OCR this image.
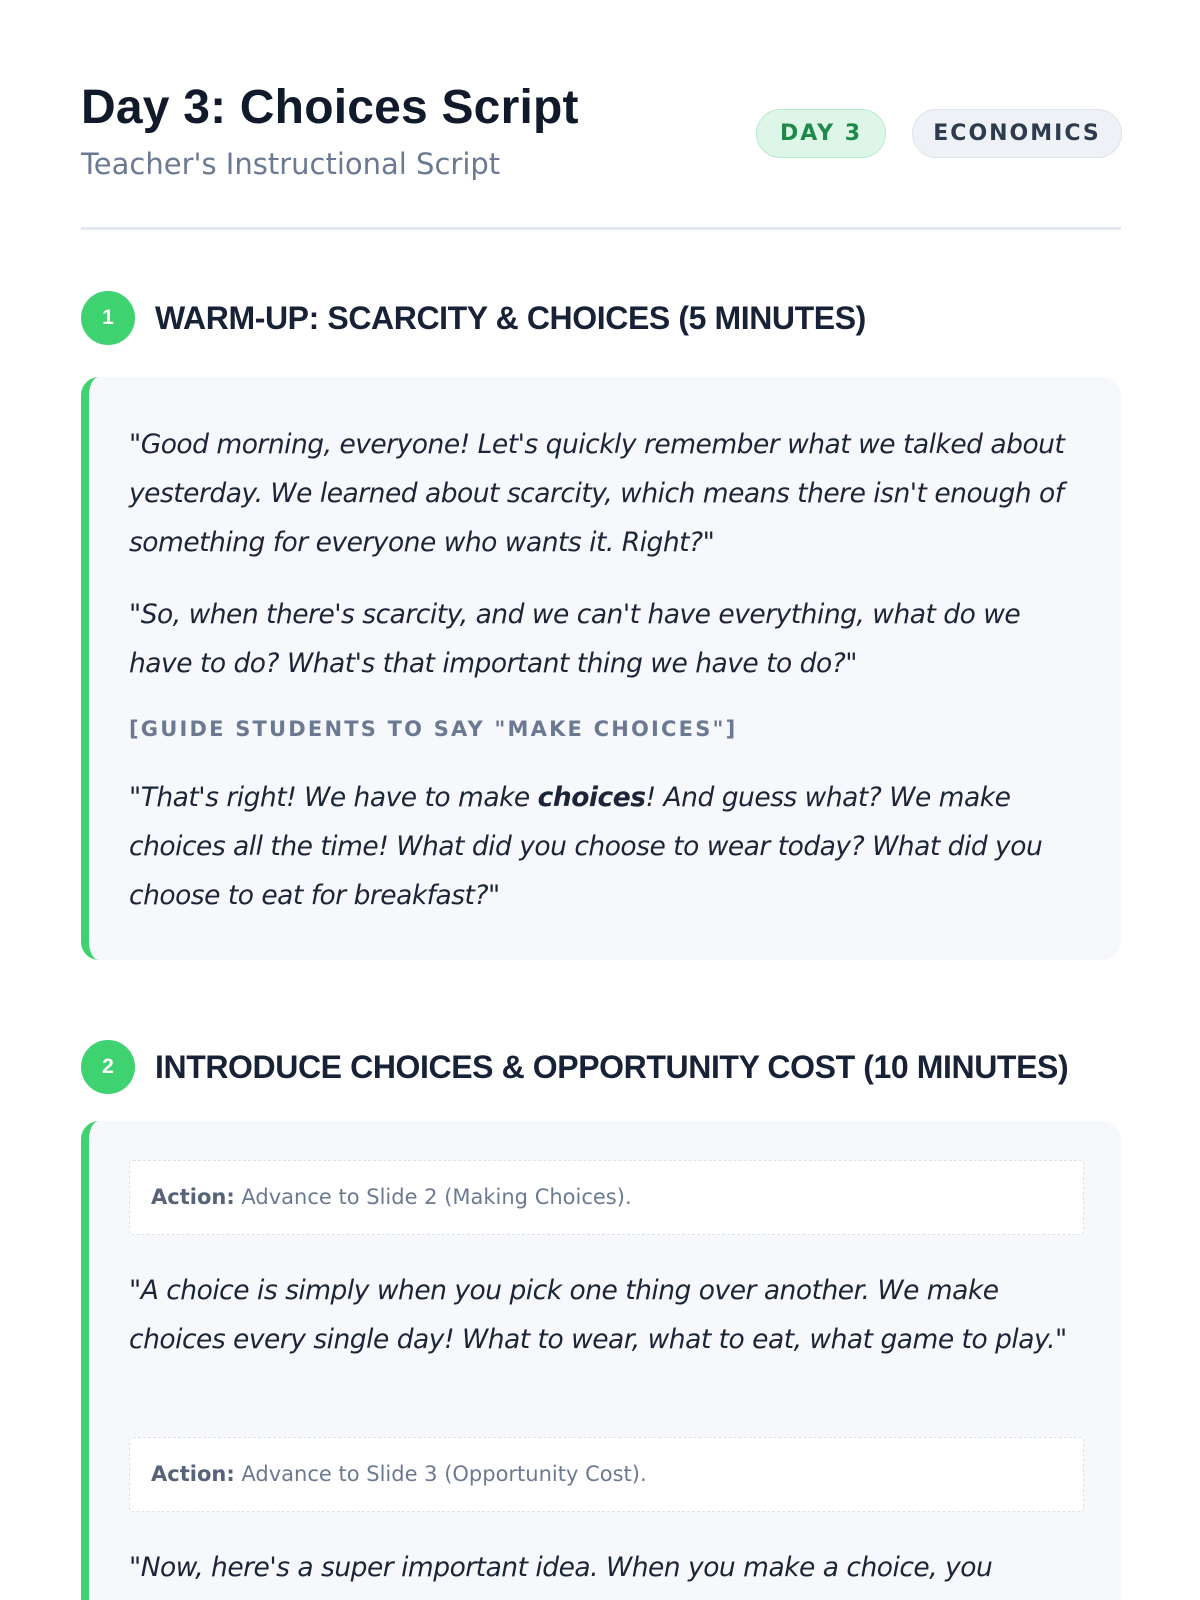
Day 3: Choices Script
Teacher's Instructional Script
DAY 3	ECONOMICS
1	WARM-UP: SCARCITY & CHOICES (5 MINUTES)

"Good morning, everyone! Let's quickly remember what we talked about yesterday. We learned about scarcity, which means there isn't enough of something for everyone who wants it. Right?"

"So, when there's scarcity, and we can't have everything, what do we have to do? What's that important thing we have to do?"

[GUIDE STUDENTS TO SAY "MAKE CHOICES"]

"That's right! We have to make choices! And guess what? We make choices all the time! What did you choose to wear today? What did you choose to eat for breakfast?"

2	INTRODUCE CHOICES & OPPORTUNITY COST (10 MINUTES)
Action: Advance to Slide 2 (Making Choices).

"A choice is simply when you pick one thing over another. We make choices every single day! What to wear, what to eat, what game to play."

Action: Advance to Slide 3 (Opportunity Cost).

"Now, here's a super important idea. When you make a choice, you
